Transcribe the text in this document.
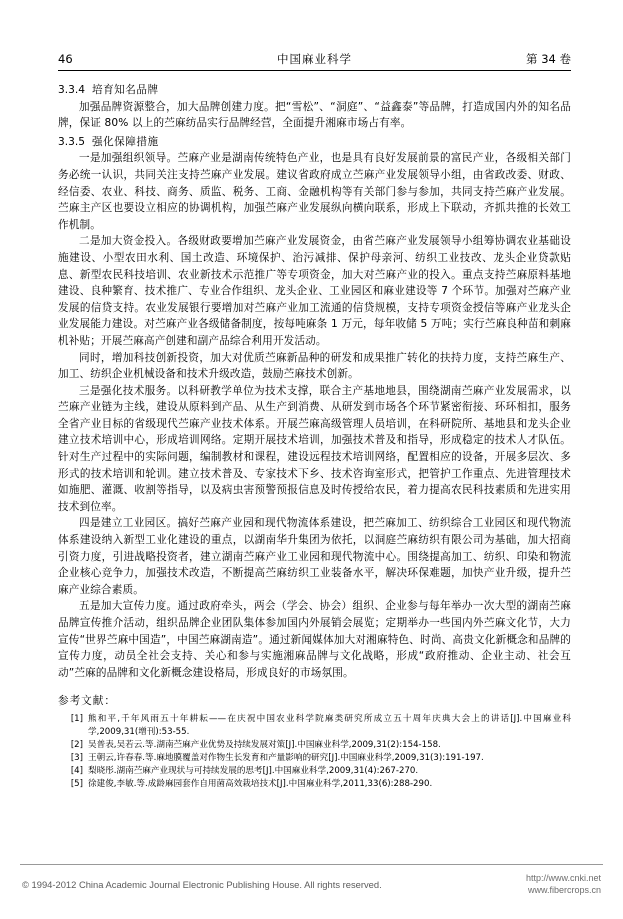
46	中国麻业科学	第 34 卷
3.3.4 培育知名品牌

加强品牌资源整合，加大品牌创建力度。把“雪松”、“洞庭”、“益鑫泰”等品牌，打造成国内外的知名品牌，保证 80% 以上的苎麻纺品实行品牌经营，全面提升湘麻市场占有率。

3.3.5 强化保障措施

一是加强组织领导。苎麻产业是湖南传统特色产业，也是具有良好发展前景的富民产业，各级相关部门务必统一认识，共同关注支持苎麻产业发展。建议省政府成立苎麻产业发展领导小组，由省政改委、财政、经信委、农业、科技、商务、质监、税务、工商、金融机构等有关部门参与参加，共同支持苎麻产业发展。苎麻主产区也要设立相应的协调机构，加强苎麻产业发展纵向横向联系，形成上下联动，齐抓共推的长效工作机制。

二是加大资金投入。各级财政要增加苎麻产业发展资金，由省苎麻产业发展领导小组筹协调农业基础设施建设、小型农田水利、国土改造、环境保护、治污减排、保护母亲河、纺织工业技改、龙头企业贷款贴息、新型农民科技培训、农业新技术示范推广等专项资金，加大对苎麻产业的投入。重点支持苎麻原料基地建设、良种繁育、技术推广、专业合作组织、龙头企业、工业园区和麻业建设等 7 个环节。加强对苎麻产业发展的信贷支持。农业发展银行要增加对苎麻产业加工流通的信贷规模，支持专项资金授信等麻产业龙头企业发展能力建设。对苎麻产业各级储备制度，按每吨麻条 1 万元，每年收储 5 万吨；实行苎麻良种苗和刺麻机补贴；开展苎麻高产创建和副产品综合利用开发活动。

同时，增加科技创新投资，加大对优质苎麻新品种的研发和成果推广转化的扶持力度，支持苎麻生产、加工、纺织企业机械设备和技术升级改造，鼓励苎麻技术创新。

三是强化技术服务。以科研教学单位为技术支撑，联合主产基地地县，围绕湖南苎麻产业发展需求，以苎麻产业链为主线，建设从原料到产品、从生产到消费、从研发到市场各个环节紧密衔接、环环相扣，服务全省产业目标的省级现代苎麻产业技术体系。开展苎麻高级管理人员培训，在科研院所、基地县和龙头企业建立技术培训中心，形成培训网络。定期开展技术培训，加强技术普及和指导，形成稳定的技术人才队伍。针对生产过程中的实际问题，编制教材和课程，建设远程技术培训网络，配置相应的设备，开展多层次、多形式的技术培训和轮训。建立技术普及、专家技术下乡、技术咨询室形式，把管护工作重点、先进管理技术如施肥、灌溉、收割等指导，以及病虫害预警预报信息及时传授给农民，着力提高农民科技素质和先进实用技术到位率。

四是建立工业园区。搞好苎麻产业园和现代物流体系建设，把苎麻加工、纺织综合工业园区和现代物流体系建设纳入新型工业化建设的重点，以湖南华升集团为依托，以洞庭苎麻纺织有限公司为基础，加大招商引资力度，引进战略投资者，建立湖南苎麻产业工业园和现代物流中心。围绕提高加工、纺织、印染和物流企业核心竞争力，加强技术改造，不断提高苎麻纺织工业装备水平，解决环保难题，加快产业升级，提升苎麻产业综合素质。

五是加大宣传力度。通过政府牵头，两会（学会、协会）组织、企业参与每年举办一次大型的湖南苎麻品牌宣传推介活动，组织品牌企业团队集体参加国内外展销会展览；定期举办一些国内外苎麻文化节，大力宣传“世界苎麻中国造”，中国苎麻湖南造”。通过新闻媒体加大对湘麻特色、时尚、高贵文化新概念和品牌的宣传力度，动员全社会支持、关心和参与实施湘麻品牌与文化战略，形成“政府推动、企业主动、社会互动”苎麻的品牌和文化新概念建设格局，形成良好的市场氛围。

参考文献：
[1] 熊和平,千年风雨五十年耕耘——在庆祝中国农业科学院麻类研究所成立五十周年庆典大会上的讲话[J].中国麻业科学,2009,31(增刊):53-55.
[2] 吴普表,吴若云.等.湖南苎麻产业优势及持续发展对策[J].中国麻业科学,2009,31(2):154-158.
[3] 王朝云,许春春.等.麻地膜覆盖对作物生长发育和产量影响的研究[J].中国麻业科学,2009,31(3):191-197.
[4] 梨晓彤.湖南苎麻产业现状与可持续发展的思考[J].中国麻业科学,2009,31(4):267-270.
[5] 徐建俊,李敏.等.成龄麻园套作自用菌高效栽培技术[J].中国麻业科学,2011,33(6):288-290.
© 1994-2012 China Academic Journal Electronic Publishing House. All rights reserved.
http://www.cnki.net
www.fibercrops.cn
